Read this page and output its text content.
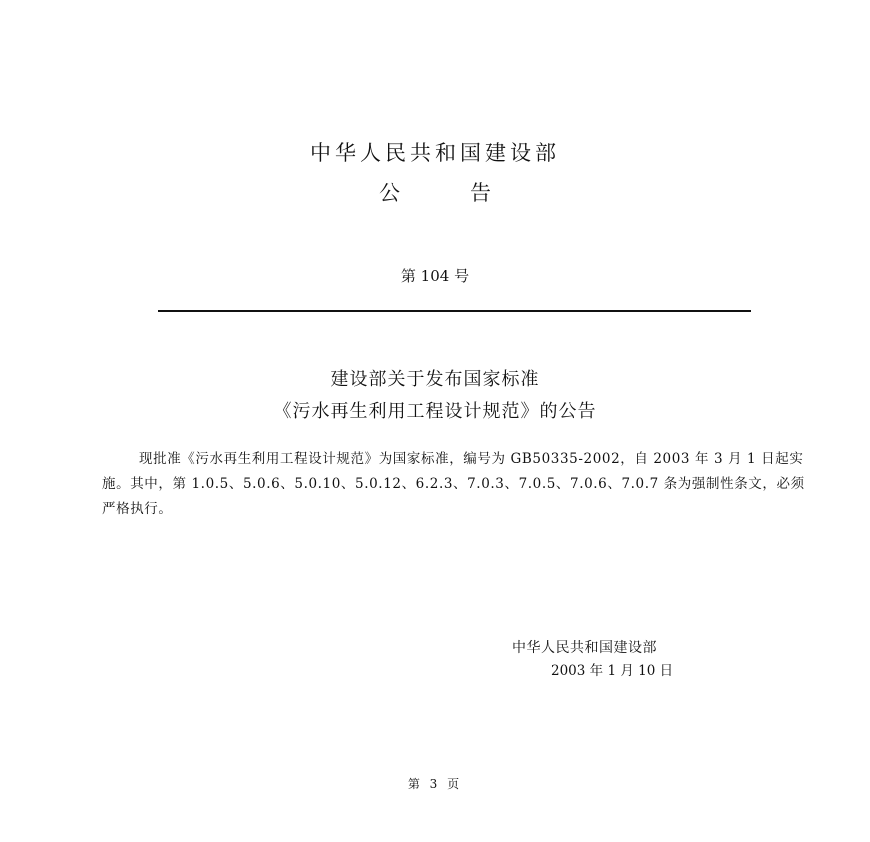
中华人民共和国建设部
公告
第 104 号
建设部关于发布国家标准
《污水再生利用工程设计规范》的公告
现批准《污水再生利用工程设计规范》为国家标准，编号为 GB50335-2002，自 2003 年 3 月 1 日起实施。其中，第 1.0.5、5.0.6、5.0.10、5.0.12、6.2.3、7.0.3、7.0.5、7.0.6、7.0.7 条为强制性条文，必须严格执行。
中华人民共和国建设部
2003 年 1 月 10 日
第 3 页
